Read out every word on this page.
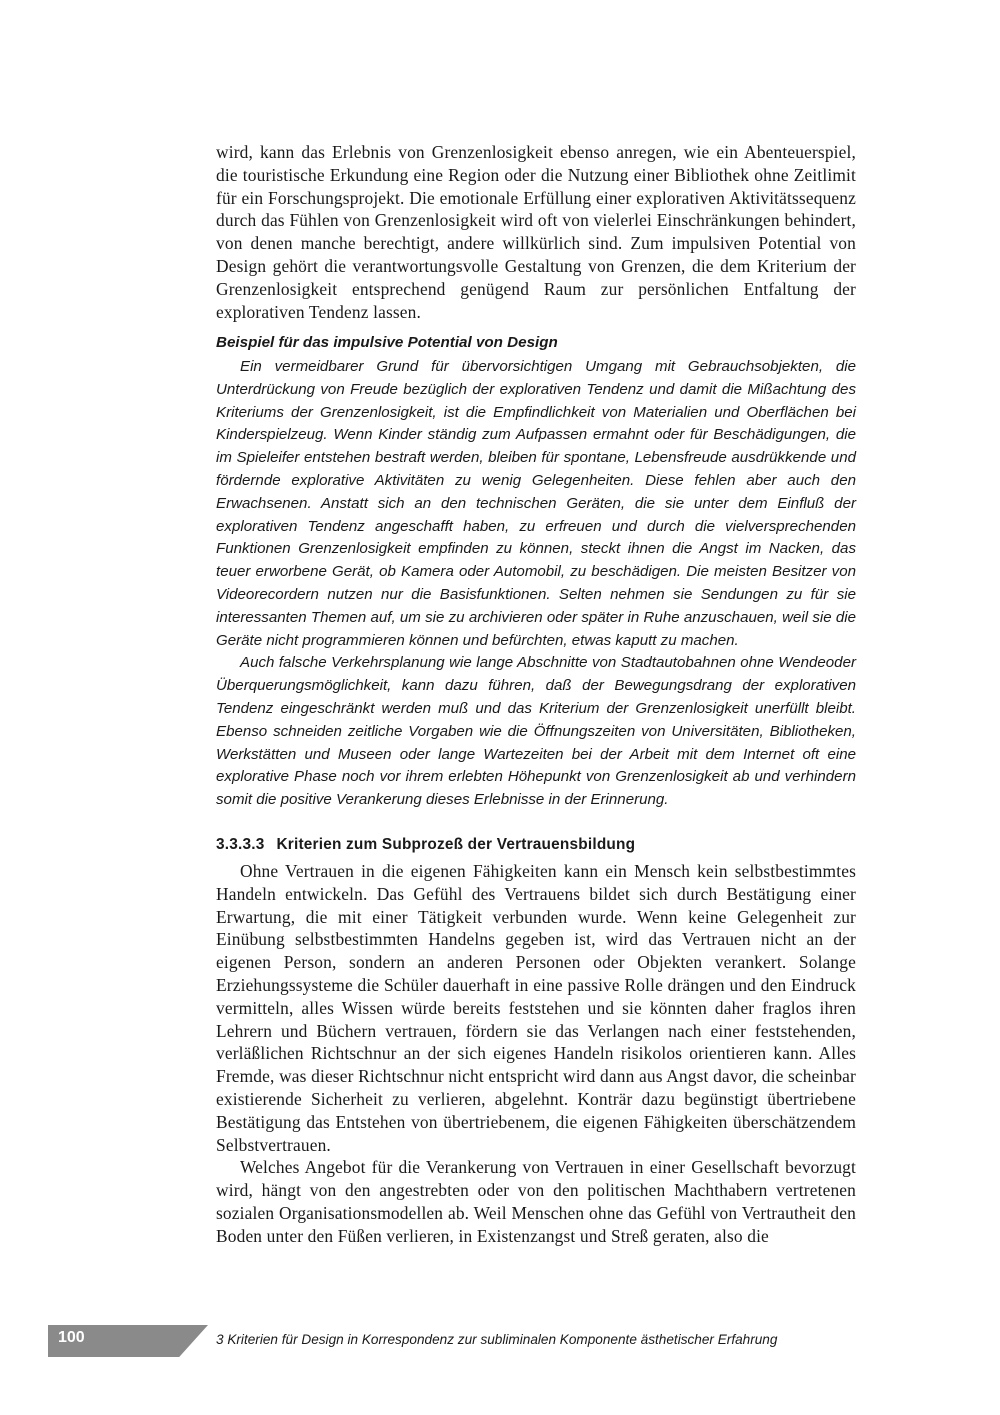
wird, kann das Erlebnis von Grenzenlosigkeit ebenso anregen, wie ein Abenteuerspiel, die touristische Erkundung eine Region oder die Nutzung einer Bibliothek ohne Zeitlimit für ein Forschungsprojekt. Die emotionale Erfüllung einer explorativen Aktivitätssequenz durch das Fühlen von Grenzenlosigkeit wird oft von vielerlei Einschränkungen behindert, von denen manche berechtigt, andere willkürlich sind. Zum impulsiven Potential von Design gehört die verantwortungsvolle Gestaltung von Grenzen, die dem Kriterium der Grenzenlosigkeit entsprechend genügend Raum zur persönlichen Entfaltung der explorativen Tendenz lassen.

Beispiel für das impulsive Potential von Design

Ein vermeidbarer Grund für übervorsichtigen Umgang mit Gebrauchsobjekten, die Unterdrückung von Freude bezüglich der explorativen Tendenz und damit die Mißachtung des Kriteriums der Grenzenlosigkeit, ist die Empfindlichkeit von Materialien und Oberflächen bei Kinderspielzeug. Wenn Kinder ständig zum Aufpassen ermahnt oder für Beschädigungen, die im Spieleifer entstehen bestraft werden, bleiben für spontane, Lebensfreude ausdrükkende und fördernde explorative Aktivitäten zu wenig Gelegenheiten. Diese fehlen aber auch den Erwachsenen. Anstatt sich an den technischen Geräten, die sie unter dem Einfluß der explorativen Tendenz angeschafft haben, zu erfreuen und durch die vielversprechenden Funktionen Grenzenlosigkeit empfinden zu können, steckt ihnen die Angst im Nacken, das teuer erworbene Gerät, ob Kamera oder Automobil, zu beschädigen. Die meisten Besitzer von Videorecordern nutzen nur die Basisfunktionen. Selten nehmen sie Sendungen zu für sie interessanten Themen auf, um sie zu archivieren oder später in Ruhe anzuschauen, weil sie die Geräte nicht programmieren können und befürchten, etwas kaputt zu machen.

Auch falsche Verkehrsplanung wie lange Abschnitte von Stadtautobahnen ohne Wendeoder Überquerungsmöglichkeit, kann dazu führen, daß der Bewegungsdrang der explorativen Tendenz eingeschränkt werden muß und das Kriterium der Grenzenlosigkeit unerfüllt bleibt. Ebenso schneiden zeitliche Vorgaben wie die Öffnungszeiten von Universitäten, Bibliotheken, Werkstätten und Museen oder lange Wartezeiten bei der Arbeit mit dem Internet oft eine explorative Phase noch vor ihrem erlebten Höhepunkt von Grenzenlosigkeit ab und verhindern somit die positive Verankerung dieses Erlebnisse in der Erinnerung.

3.3.3.3 Kriterien zum Subprozeß der Vertrauensbildung

Ohne Vertrauen in die eigenen Fähigkeiten kann ein Mensch kein selbstbestimmtes Handeln entwickeln. Das Gefühl des Vertrauens bildet sich durch Bestätigung einer Erwartung, die mit einer Tätigkeit verbunden wurde. Wenn keine Gelegenheit zur Einübung selbstbestimmten Handelns gegeben ist, wird das Vertrauen nicht an der eigenen Person, sondern an anderen Personen oder Objekten verankert. Solange Erziehungssysteme die Schüler dauerhaft in eine passive Rolle drängen und den Eindruck vermitteln, alles Wissen würde bereits feststehen und sie könnten daher fraglos ihren Lehrern und Büchern vertrauen, fördern sie das Verlangen nach einer feststehenden, verläßlichen Richtschnur an der sich eigenes Handeln risikolos orientieren kann. Alles Fremde, was dieser Richtschnur nicht entspricht wird dann aus Angst davor, die scheinbar existierende Sicherheit zu verlieren, abgelehnt. Konträr dazu begünstigt übertriebene Bestätigung das Entstehen von übertriebenem, die eigenen Fähigkeiten überschätzendem Selbstvertrauen.

Welches Angebot für die Verankerung von Vertrauen in einer Gesellschaft bevorzugt wird, hängt von den angestrebten oder von den politischen Machthabern vertretenen sozialen Organisationsmodellen ab. Weil Menschen ohne das Gefühl von Vertrautheit den Boden unter den Füßen verlieren, in Existenzangst und Streß geraten, also die

100	3 Kriterien für Design in Korrespondenz zur subliminalen Komponente ästhetischer Erfahrung
